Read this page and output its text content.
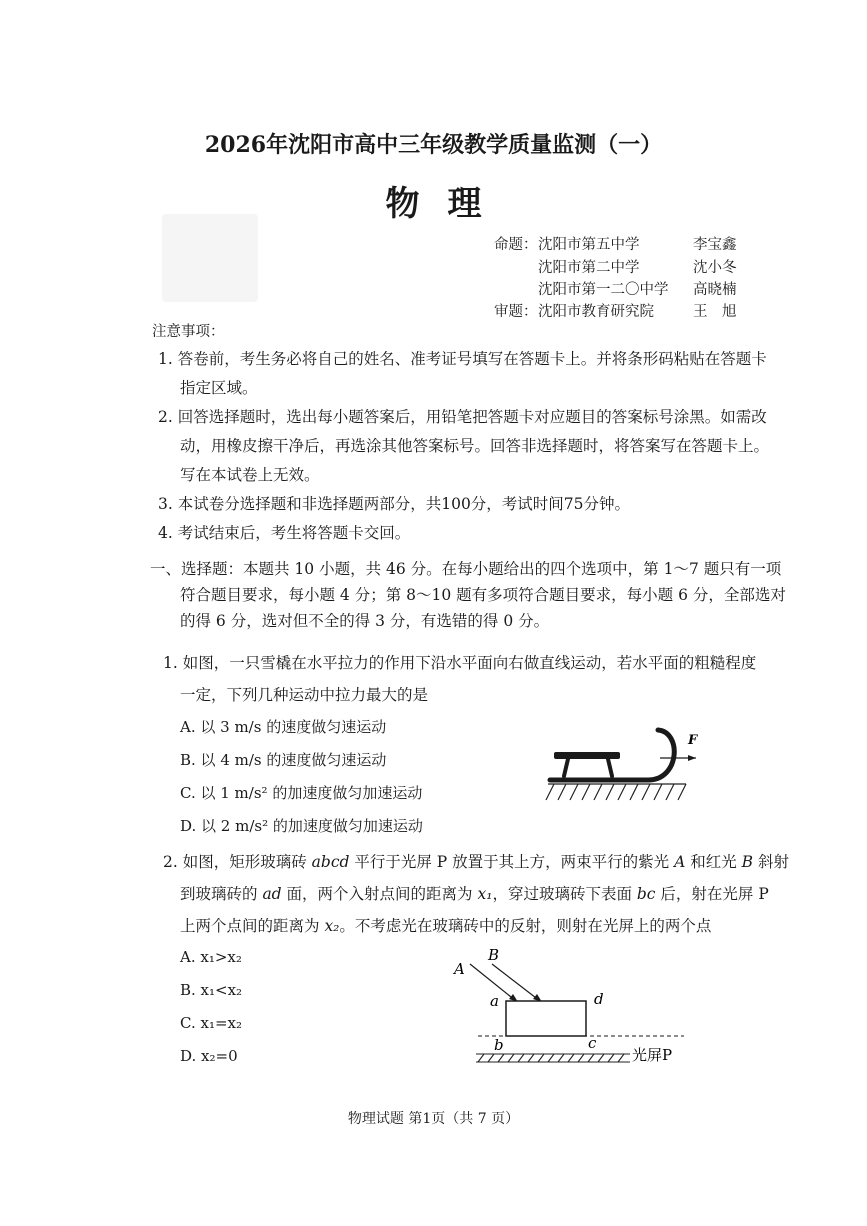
2026年沈阳市高中三年级教学质量监测（一）
物理
命题： 沈阳市第五中学	李宝鑫
沈阳市第二中学	沈小冬
沈阳市第一二〇中学 高晓楠
审题： 沈阳市教育研究院	王　旭
注意事项：
1. 答卷前，考生务必将自己的姓名、准考证号填写在答题卡上。并将条形码粘贴在答题卡
指定区域。
2. 回答选择题时，选出每小题答案后，用铅笔把答题卡对应题目的答案标号涂黑。如需改
动，用橡皮擦干净后，再选涂其他答案标号。回答非选择题时，将答案写在答题卡上。
写在本试卷上无效。
3. 本试卷分选择题和非选择题两部分，共100分，考试时间75分钟。
4. 考试结束后，考生将答题卡交回。
一、选择题：本题共 10 小题，共 46 分。在每小题给出的四个选项中，第 1～7 题只有一项
符合题目要求，每小题 4 分；第 8～10 题有多项符合题目要求，每小题 6 分，全部选对
的得 6 分，选对但不全的得 3 分，有选错的得 0 分。
1. 如图，一只雪橇在水平拉力的作用下沿水平面向右做直线运动，若水平面的粗糙程度
一定，下列几种运动中拉力最大的是
A. 以 3 m/s 的速度做匀速运动
B. 以 4 m/s 的速度做匀速运动
C. 以 1 m/s² 的加速度做匀加速运动
D. 以 2 m/s² 的加速度做匀加速运动
F
2. 如图，矩形玻璃砖 abcd 平行于光屏 P 放置于其上方，两束平行的紫光 A 和红光 B 斜射
到玻璃砖的 ad 面，两个入射点间的距离为 x₁，穿过玻璃砖下表面 bc 后，射在光屏 P
上两个点间的距离为 x₂。不考虑光在玻璃砖中的反射，则射在光屏上的两个点
A. x₁>x₂
B. x₁<x₂
C. x₁=x₂
D. x₂=0
A
B
a	d
b	c
光屏P
物理试题 第1页（共 7 页）
